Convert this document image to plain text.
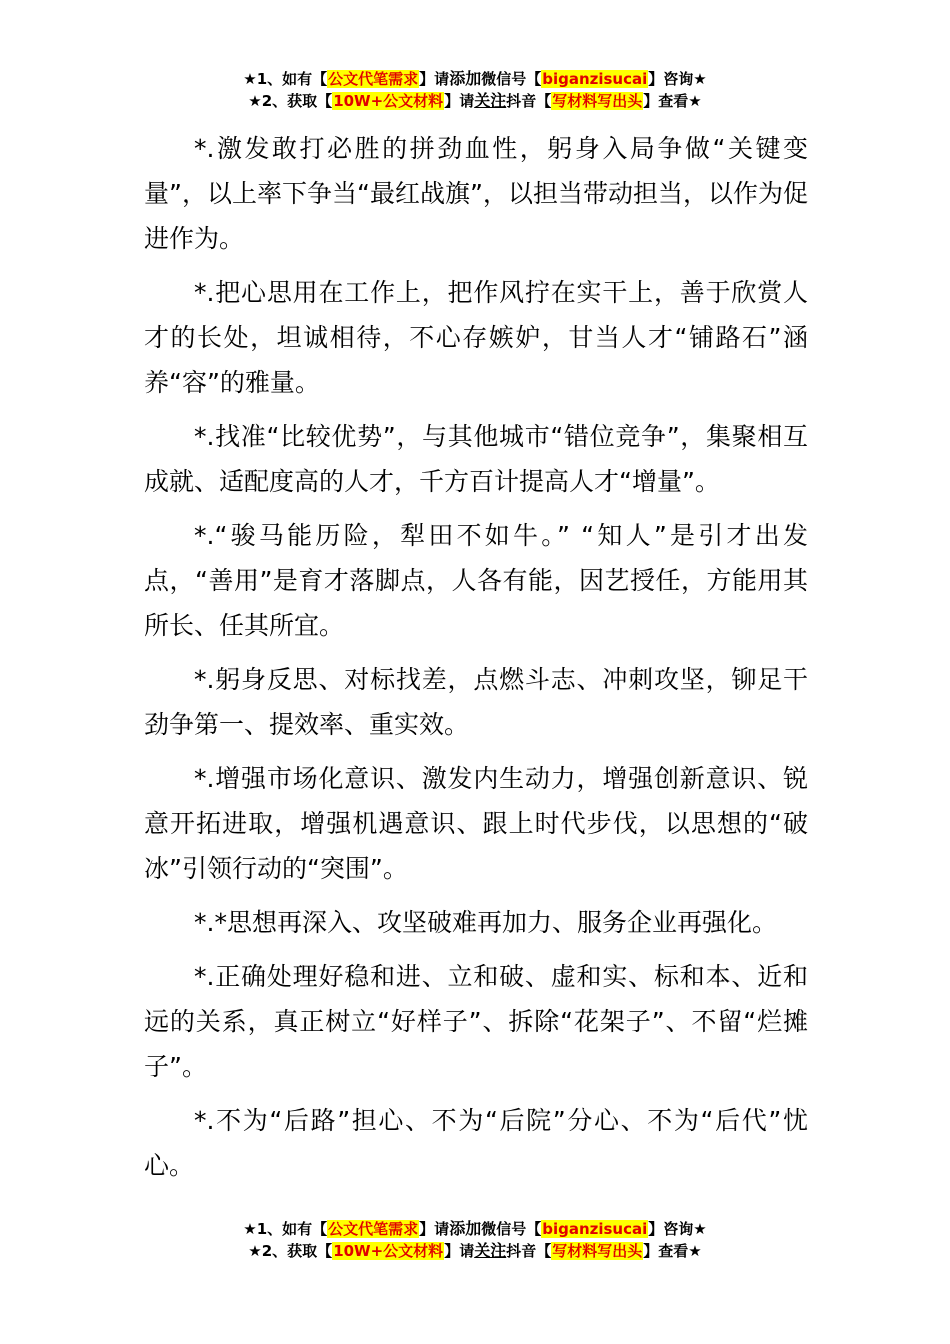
★1、如有【公文代笔需求】请添加微信号【biganzisucai】咨询★
★2、获取【10W+公文材料】请关注抖音【写材料写出头】查看★

*.激发敢打必胜的拼劲血性，躬身入局争做“关键变量”，以上率下争当“最红战旗”，以担当带动担当，以作为促进作为。

*.把心思用在工作上，把作风拧在实干上，善于欣赏人才的长处，坦诚相待，不心存嫉妒，甘当人才“铺路石”涵养“容”的雅量。

*.找准“比较优势”，与其他城市“错位竞争”，集聚相互成就、适配度高的人才，千方百计提高人才“增量”。

*.“骏马能历险，犁田不如牛。” “知人”是引才出发点，“善用”是育才落脚点，人各有能，因艺授任，方能用其所长、任其所宜。

*.躬身反思、对标找差，点燃斗志、冲刺攻坚，铆足干劲争第一、提效率、重实效。

*.增强市场化意识、激发内生动力，增强创新意识、锐意开拓进取，增强机遇意识、跟上时代步伐，以思想的“破冰”引领行动的“突围”。

*.*思想再深入、攻坚破难再加力、服务企业再强化。

*.正确处理好稳和进、立和破、虚和实、标和本、近和远的关系，真正树立“好样子”、拆除“花架子”、不留“烂摊子”。

*.不为“后路”担心、不为“后院”分心、不为“后代”忧心。

★1、如有【公文代笔需求】请添加微信号【biganzisucai】咨询★
★2、获取【10W+公文材料】请关注抖音【写材料写出头】查看★
